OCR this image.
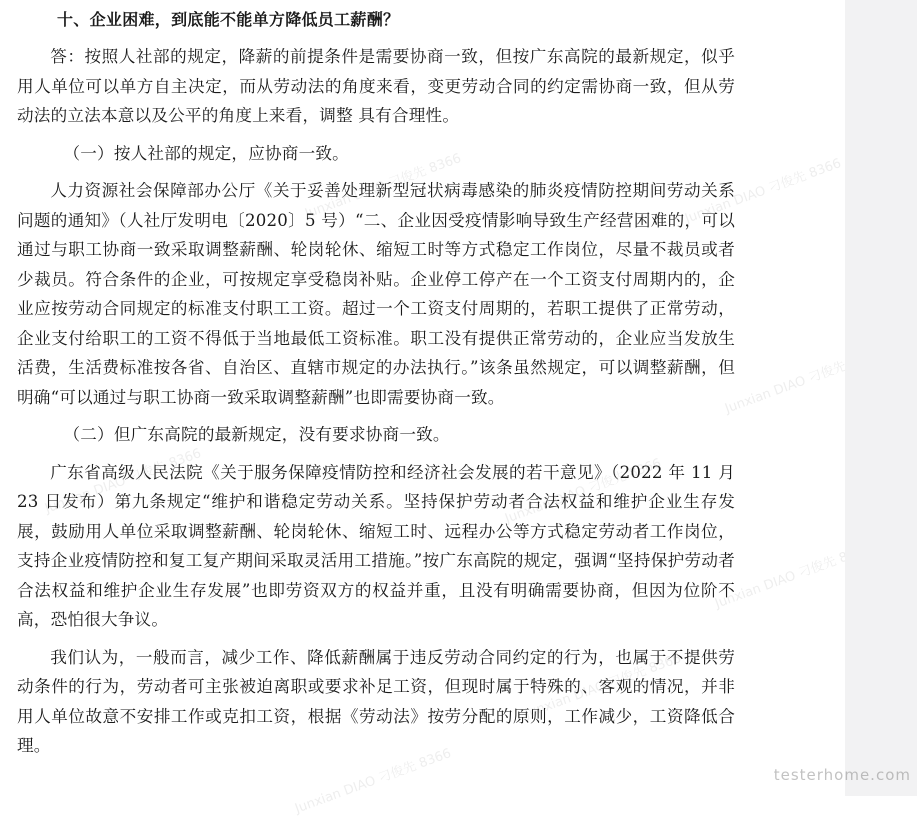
十、企业困难，到底能不能单方降低员工薪酬？

答：按照人社部的规定，降薪的前提条件是需要协商一致，但按广东高院的最新规定，似乎用人单位可以单方自主决定，而从劳动法的角度来看，变更劳动合同的约定需协商一致，但从劳动法的立法本意以及公平的角度上来看，调整 具有合理性。

（一）按人社部的规定，应协商一致。

人力资源社会保障部办公厅《关于妥善处理新型冠状病毒感染的肺炎疫情防控期间劳动关系问题的通知》（人社厅发明电〔2020〕5 号）“二、企业因受疫情影响导致生产经营困难的，可以通过与职工协商一致采取调整薪酬、轮岗轮休、缩短工时等方式稳定工作岗位，尽量不裁员或者少裁员。符合条件的企业，可按规定享受稳岗补贴。企业停工停产在一个工资支付周期内的，企业应按劳动合同规定的标准支付职工工资。超过一个工资支付周期的，若职工提供了正常劳动，企业支付给职工的工资不得低于当地最低工资标准。职工没有提供正常劳动的，企业应当发放生活费，生活费标准按各省、自治区、直辖市规定的办法执行。”该条虽然规定，可以调整薪酬，但明确“可以通过与职工协商一致采取调整薪酬”也即需要协商一致。

（二）但广东高院的最新规定，没有要求协商一致。

广东省高级人民法院《关于服务保障疫情防控和经济社会发展的若干意见》（2022 年 11 月 23 日发布）第九条规定“维护和谐稳定劳动关系。坚持保护劳动者合法权益和维护企业生存发展，鼓励用人单位采取调整薪酬、轮岗轮休、缩短工时、远程办公等方式稳定劳动者工作岗位，支持企业疫情防控和复工复产期间采取灵活用工措施。”按广东高院的规定，强调“坚持保护劳动者合法权益和维护企业生存发展”也即劳资双方的权益并重，且没有明确需要协商，但因为位阶不高，恐怕很大争议。

我们认为，一般而言，减少工作、降低薪酬属于违反劳动合同约定的行为，也属于不提供劳动条件的行为，劳动者可主张被迫离职或要求补足工资，但现时属于特殊的、客观的情况，并非用人单位故意不安排工作或克扣工资，根据《劳动法》按劳分配的原则，工作减少，工资降低合理。

Junxian DIAO 刁俊先 8366	Junxian DIAO 刁俊先 8366
Junxian DIAO 刁俊先 8366
Junxian DIAO 刁俊先 8366	Junxian DIAO 刁俊先 8366
Junxian DIAO 刁俊先 8366
Junxian DIAO 刁俊先 8366
Junxian DIAO 刁俊先 8366	testerhome.com
